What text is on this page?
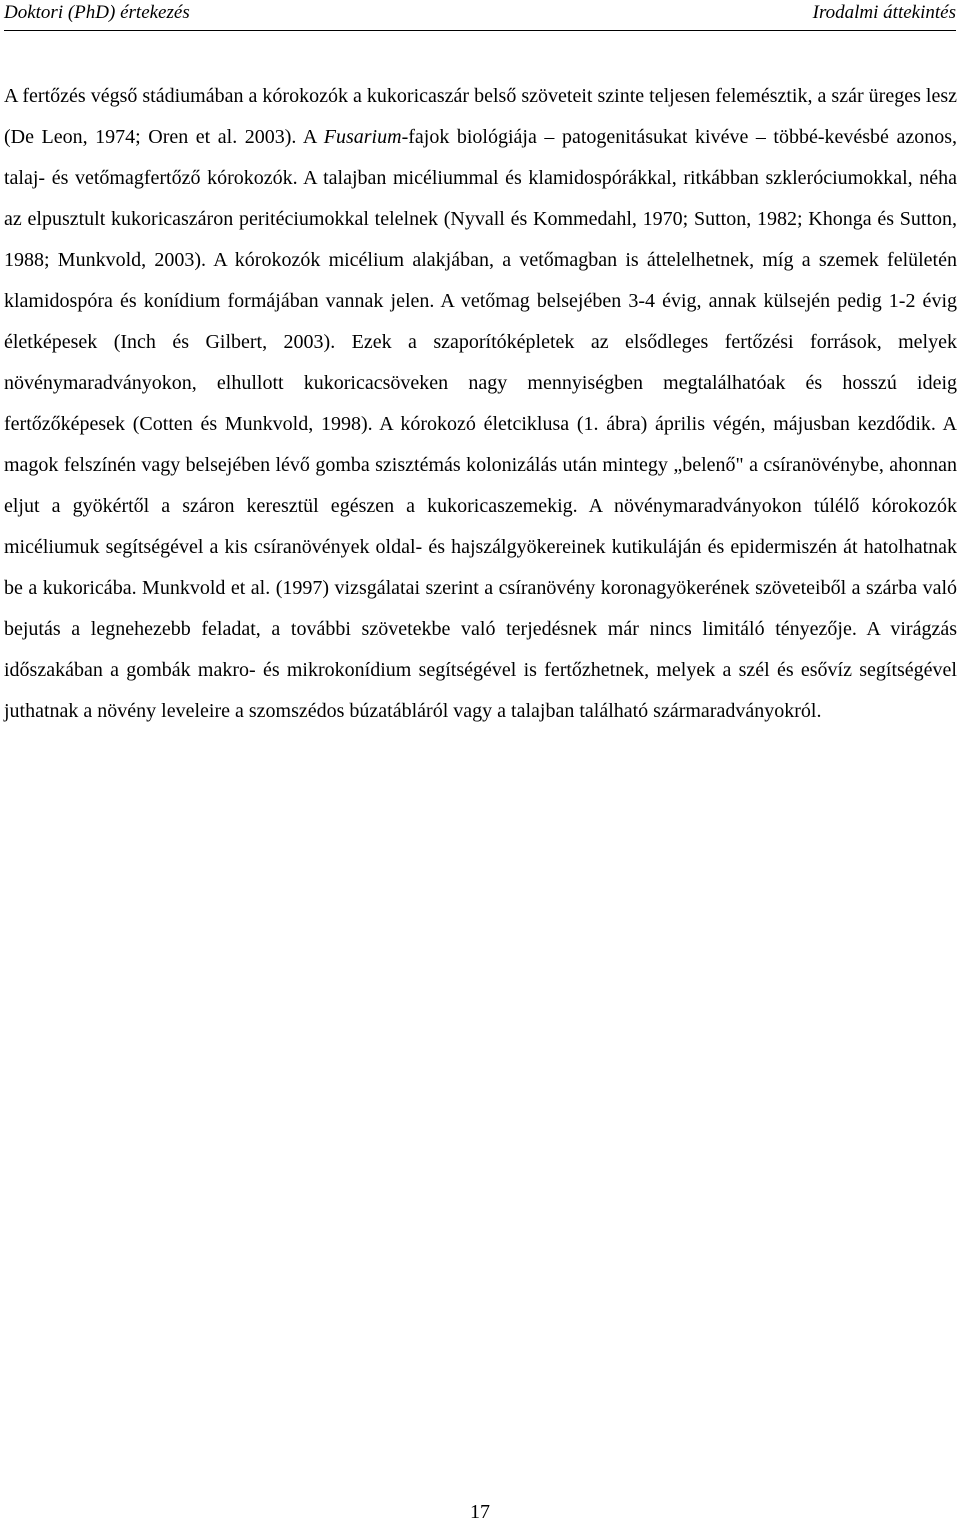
Doktori (PhD) értekezés	Irodalmi áttekintés

A fertőzés végső stádiumában a kórokozók a kukoricaszár belső szöveteit szinte teljesen felemésztik, a szár üreges lesz (De Leon, 1974; Oren et al. 2003). A Fusarium-fajok biológiája – patogenitásukat kivéve – többé-kevésbé azonos, talaj- és vetőmagfertőző kórokozók. A talajban micéliummal és klamidospórákkal, ritkábban szkleróciumokkal, néha az elpusztult kukoricaszáron peritéciumokkal telelnek (Nyvall és Kommedahl, 1970; Sutton, 1982; Khonga és Sutton, 1988; Munkvold, 2003). A kórokozók micélium alakjában, a vetőmagban is áttelelhetnek, míg a szemek felületén klamidospóra és konídium formájában vannak jelen. A vetőmag belsejében 3-4 évig, annak külsején pedig 1-2 évig életképesek (Inch és Gilbert, 2003). Ezek a szaporítóképletek az elsődleges fertőzési források, melyek növénymaradványokon, elhullott kukoricacsöveken nagy mennyiségben megtalálhatóak és hosszú ideig fertőzőképesek (Cotten és Munkvold, 1998). A kórokozó életciklusa (1. ábra) április végén, májusban kezdődik. A magok felszínén vagy belsejében lévő gomba szisztémás kolonizálás után mintegy „belenő" a csíranövénybe, ahonnan eljut a gyökértől a száron keresztül egészen a kukoricaszemekig. A növénymaradványokon túlélő kórokozók micéliumuk segítségével a kis csíranövények oldal- és hajszálgyökereinek kutikuláján és epidermiszén át hatolhatnak be a kukoricába. Munkvold et al. (1997) vizsgálatai szerint a csíranövény koronagyökerének szöveteiből a szárba való bejutás a legnehezebb feladat, a további szövetekbe való terjedésnek már nincs limitáló tényezője. A virágzás időszakában a gombák makro- és mikrokonídium segítségével is fertőzhetnek, melyek a szél és esővíz segítségével juthatnak a növény leveleire a szomszédos búzatábláról vagy a talajban található szármaradványokról.

17
